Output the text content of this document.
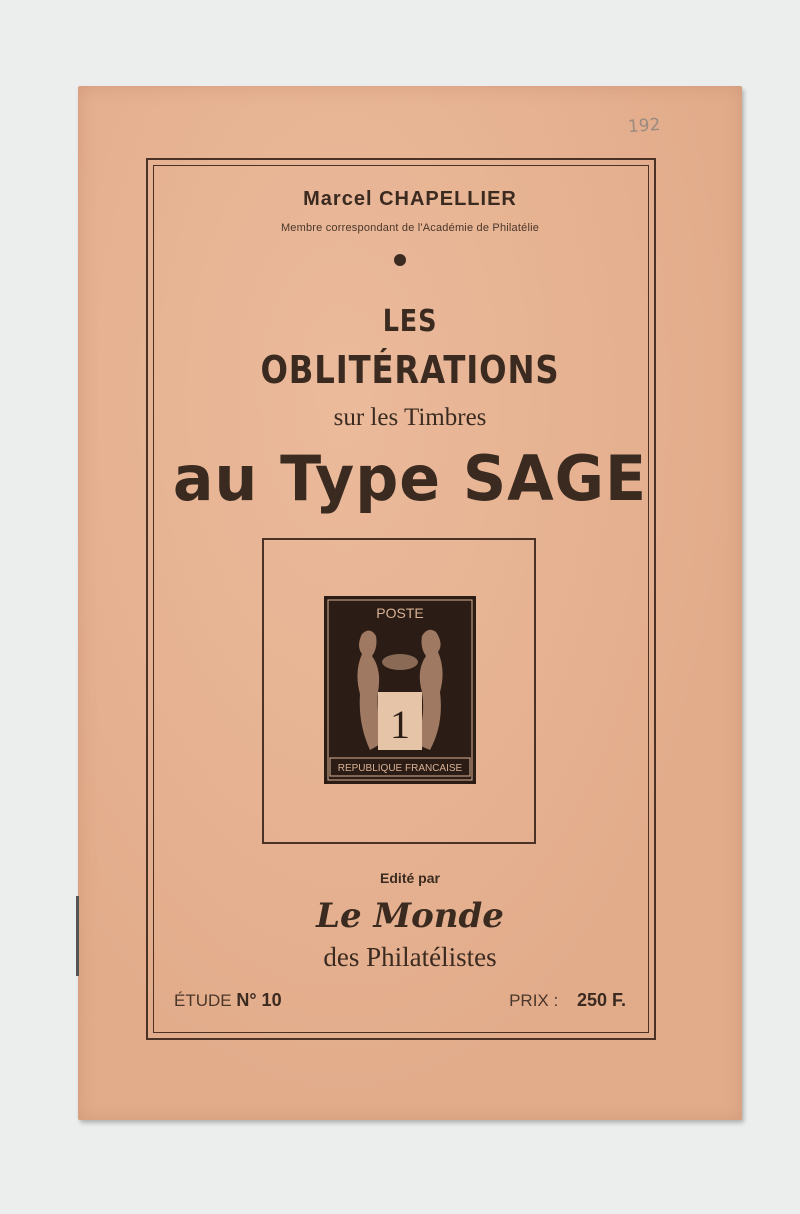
192
Marcel CHAPELLIER
Membre correspondant de l'Académie de Philatélie
LES
OBLITÉRATIONS
sur les Timbres
au Type SAGE
POSTE
1
REPUBLIQUE FRANCAISE
Edité par
Le Monde
des Philatélistes
ÉTUDE N° 10	PRIX : 250 F.
